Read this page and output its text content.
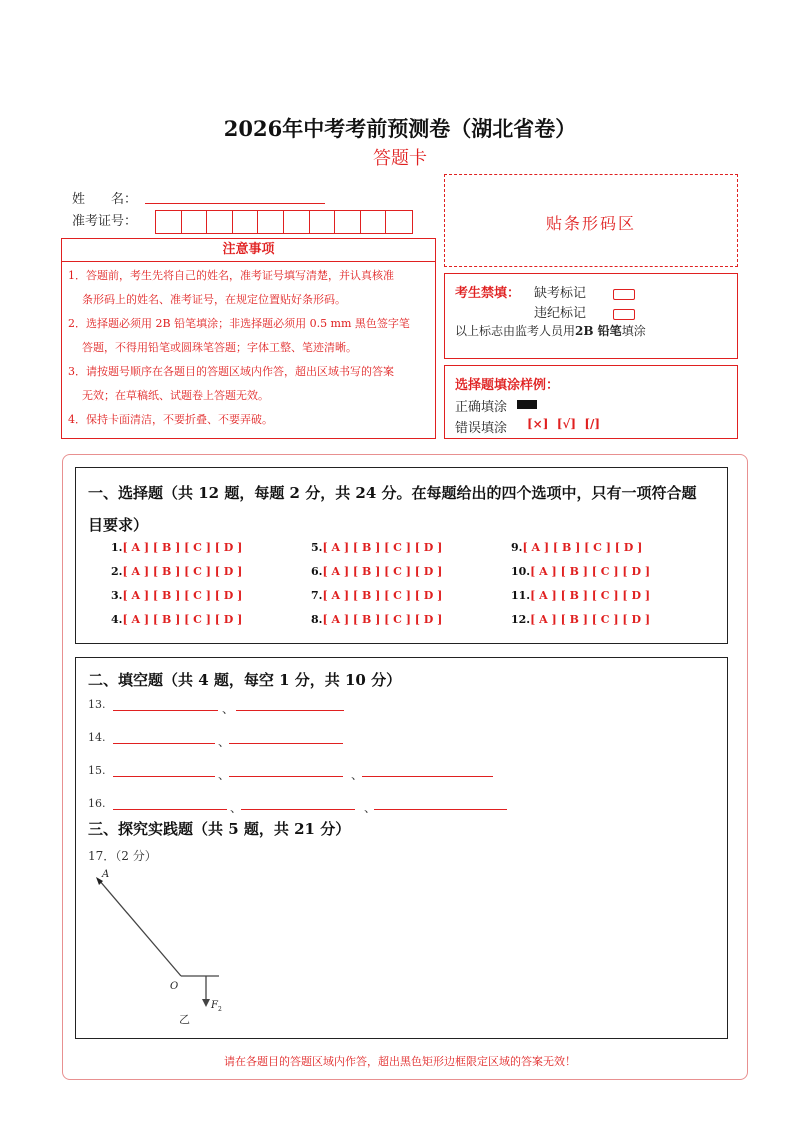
2026年中考考前预测卷（湖北省卷）
答题卡
姓　　名：
准考证号：	贴条形码区
注意事项
1．答题前，考生先将自己的姓名，准考证号填写清楚，并认真核准
条形码上的姓名、准考证号，在规定位置贴好条形码。
2．选择题必须用 2B 铅笔填涂；非选择题必须用 0.5 mm 黑色签字笔
答题，不得用铅笔或圆珠笔答题；字体工整、笔迹清晰。
3．请按题号顺序在各题目的答题区域内作答，超出区域书写的答案
无效；在草稿纸、试题卷上答题无效。
4．保持卡面清洁，不要折叠、不要弄破。
考生禁填： 缺考标记
违纪标记
以上标志由监考人员用2B 铅笔填涂
选择题填涂样例：
正确填涂
错误填涂 [×]  [√]  [/]
一、选择题（共 12 题，每题 2 分，共 24 分。在每题给出的四个选项中，只有一项符合题
目要求）
1.[ A ] [ B ] [ C ] [ D ]
2.[ A ] [ B ] [ C ] [ D ]
3.[ A ] [ B ] [ C ] [ D ]
4.[ A ] [ B ] [ C ] [ D ]
5.[ A ] [ B ] [ C ] [ D ]
6.[ A ] [ B ] [ C ] [ D ]
7.[ A ] [ B ] [ C ] [ D ]
8.[ A ] [ B ] [ C ] [ D ]
9.[ A ] [ B ] [ C ] [ D ]
10.[ A ] [ B ] [ C ] [ D ]
11.[ A ] [ B ] [ C ] [ D ]
12.[ A ] [ B ] [ C ] [ D ]
二、填空题（共 4 题，每空 1 分，共 10 分）
13.	、
14.	、
15.	、	、
16.	、	、
三、探究实践题（共 5 题，共 21 分）
17．（2 分）
A
O
F 2
乙
请在各题目的答题区域内作答，超出黑色矩形边框限定区域的答案无效！
